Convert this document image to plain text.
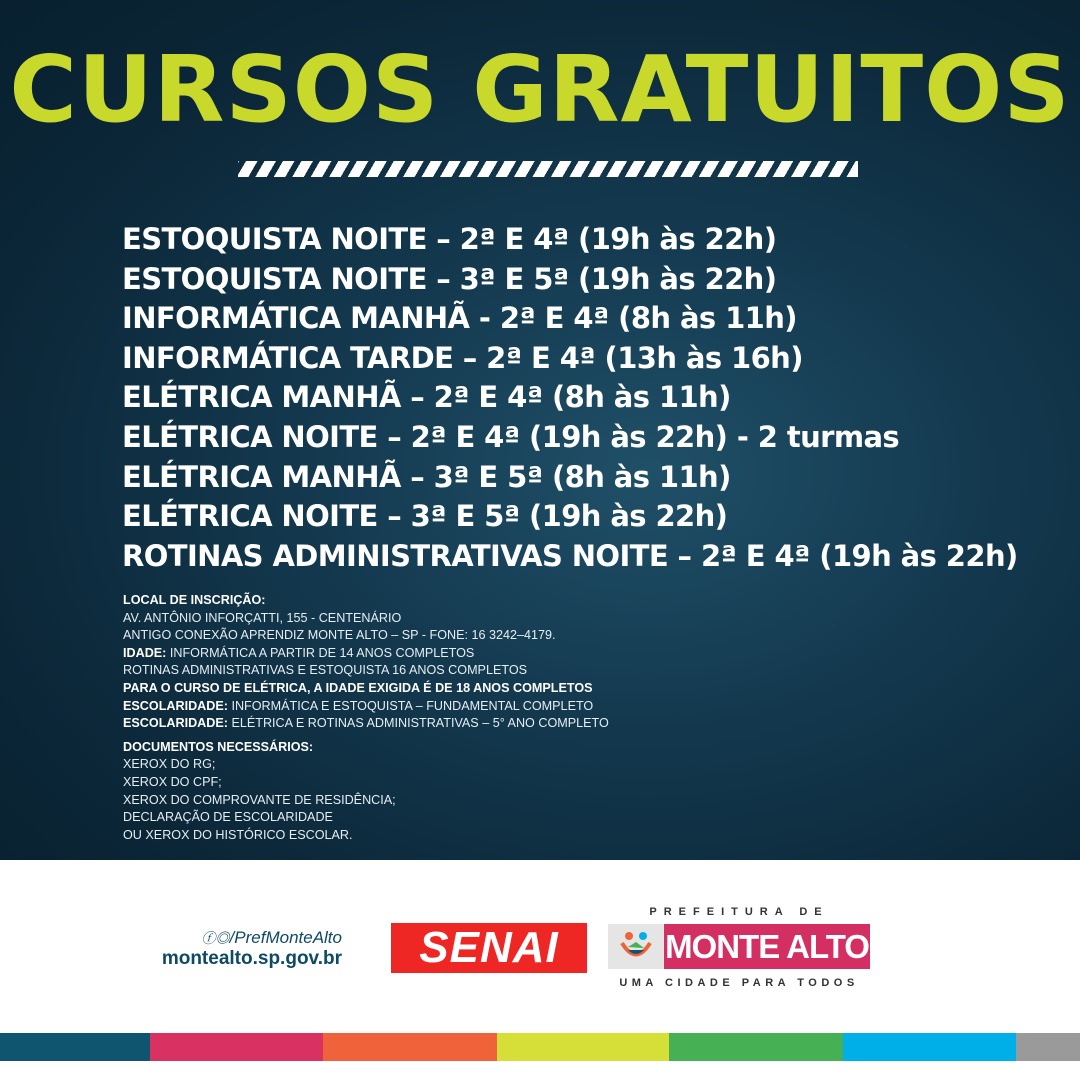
CURSOS GRATUITOS
ESTOQUISTA NOITE – 2ª E 4ª (19h às 22h)
ESTOQUISTA NOITE – 3ª E 5ª (19h às 22h)
INFORMÁTICA MANHÃ - 2ª E 4ª (8h às 11h)
INFORMÁTICA TARDE – 2ª E 4ª (13h às 16h)
ELÉTRICA MANHÃ – 2ª E 4ª (8h às 11h)
ELÉTRICA NOITE – 2ª E 4ª (19h às 22h) - 2 turmas
ELÉTRICA MANHÃ – 3ª E 5ª (8h às 11h)
ELÉTRICA NOITE – 3ª E 5ª (19h às 22h)
ROTINAS ADMINISTRATIVAS NOITE – 2ª E 4ª (19h às 22h)
LOCAL DE INSCRIÇÃO:
AV. ANTÔNIO INFORÇATTI, 155 - CENTENÁRIO
ANTIGO CONEXÃO APRENDIZ MONTE ALTO – SP - FONE: 16 3242–4179.
IDADE: INFORMÁTICA A PARTIR DE 14 ANOS COMPLETOS
ROTINAS ADMINISTRATIVAS E ESTOQUISTA 16 ANOS COMPLETOS
PARA O CURSO DE ELÉTRICA, A IDADE EXIGIDA É DE 18 ANOS COMPLETOS
ESCOLARIDADE: INFORMÁTICA E ESTOQUISTA – FUNDAMENTAL COMPLETO
ESCOLARIDADE: ELÉTRICA E ROTINAS ADMINISTRATIVAS – 5° ANO COMPLETO
DOCUMENTOS NECESSÁRIOS:
XEROX DO RG;
XEROX DO CPF;
XEROX DO COMPROVANTE DE RESIDÊNCIA;
DECLARAÇÃO DE ESCOLARIDADE
OU XEROX DO HISTÓRICO ESCOLAR.
ⓕ◎/PrefMonteAlto
montealto.sp.gov.br	SENAI
PREFEITURA DE
MONTE ALTO
UMA CIDADE PARA TODOS
